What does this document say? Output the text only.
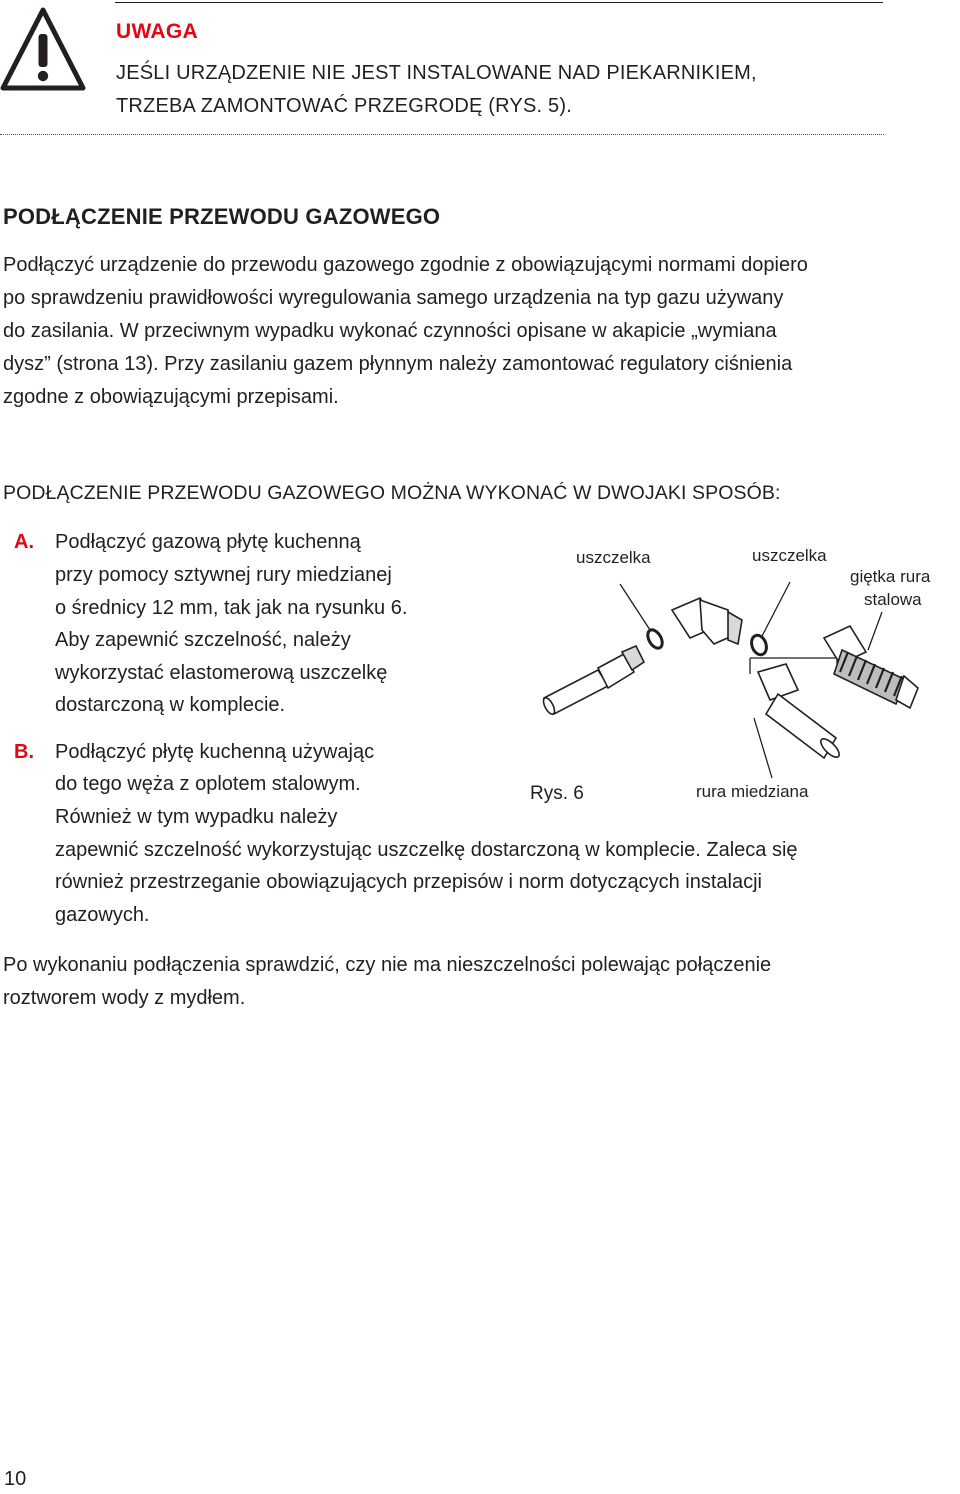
UWAGA
JEŚLI URZĄDZENIE NIE JEST INSTALOWANE NAD PIEKARNIKIEM,
TRZEBA ZAMONTOWAĆ PRZEGRODĘ (RYS. 5).
PODŁĄCZENIE PRZEWODU GAZOWEGO
Podłączyć urządzenie do przewodu gazowego zgodnie z obowiązującymi normami dopiero
po sprawdzeniu prawidłowości wyregulowania samego urządzenia na typ gazu używany
do zasilania. W przeciwnym wypadku wykonać czynności opisane w akapicie „wymiana
dysz” (strona 13). Przy zasilaniu gazem płynnym należy zamontować regulatory ciśnienia
zgodne z obowiązującymi przepisami.
PODŁĄCZENIE PRZEWODU GAZOWEGO MOŻNA WYKONAĆ W DWOJAKI SPOSÓB:
A. Podłączyć gazową płytę kuchenną
przy pomocy sztywnej rury miedzianej
o średnicy 12 mm, tak jak na rysunku 6.
Aby zapewnić szczelność, należy
wykorzystać elastomerową uszczelkę
dostarczoną w komplecie.
B. Podłączyć płytę kuchenną używając
do tego węża z oplotem stalowym.
Również w tym wypadku należy
zapewnić szczelność wykorzystując uszczelkę dostarczoną w komplecie. Zaleca się
również przestrzeganie obowiązujących przepisów i norm dotyczących instalacji
gazowych.
uszczelka	uszczelka
giętka rura
stalowa
rura miedziana
Rys. 6
Po wykonaniu podłączenia sprawdzić, czy nie ma nieszczelności polewając połączenie
roztworem wody z mydłem.
10
